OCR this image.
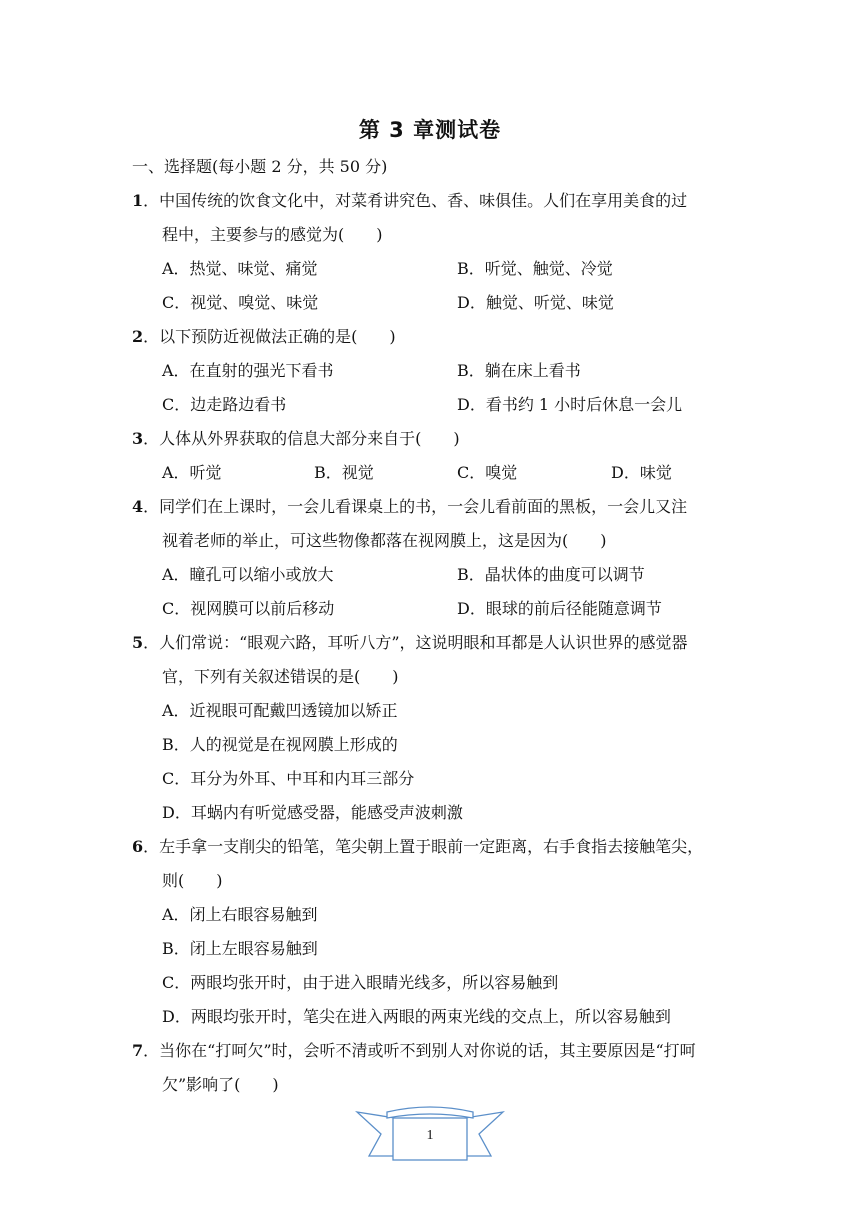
第 3 章测试卷
一、选择题(每小题 2 分，共 50 分)
1．中国传统的饮食文化中，对菜肴讲究色、香、味俱佳。人们在享用美食的过
程中，主要参与的感觉为(　　)
A．热觉、味觉、痛觉	B．听觉、触觉、冷觉
C．视觉、嗅觉、味觉	D．触觉、听觉、味觉
2．以下预防近视做法正确的是(　　)
A．在直射的强光下看书	B．躺在床上看书
C．边走路边看书	D．看书约 1 小时后休息一会儿
3．人体从外界获取的信息大部分来自于(　　)
A．听觉	B．视觉	C．嗅觉	D．味觉
4．同学们在上课时，一会儿看课桌上的书，一会儿看前面的黑板，一会儿又注
视着老师的举止，可这些物像都落在视网膜上，这是因为(　　)
A．瞳孔可以缩小或放大	B．晶状体的曲度可以调节
C．视网膜可以前后移动	D．眼球的前后径能随意调节
5．人们常说：“眼观六路，耳听八方”，这说明眼和耳都是人认识世界的感觉器
官，下列有关叙述错误的是(　　)
A．近视眼可配戴凹透镜加以矫正
B．人的视觉是在视网膜上形成的
C．耳分为外耳、中耳和内耳三部分
D．耳蜗内有听觉感受器，能感受声波刺激
6．左手拿一支削尖的铅笔，笔尖朝上置于眼前一定距离，右手食指去接触笔尖，
则(　　)
A．闭上右眼容易触到
B．闭上左眼容易触到
C．两眼均张开时，由于进入眼睛光线多，所以容易触到
D．两眼均张开时，笔尖在进入两眼的两束光线的交点上，所以容易触到
7．当你在“打呵欠”时，会听不清或听不到别人对你说的话，其主要原因是“打呵
欠”影响了(　　)
1
